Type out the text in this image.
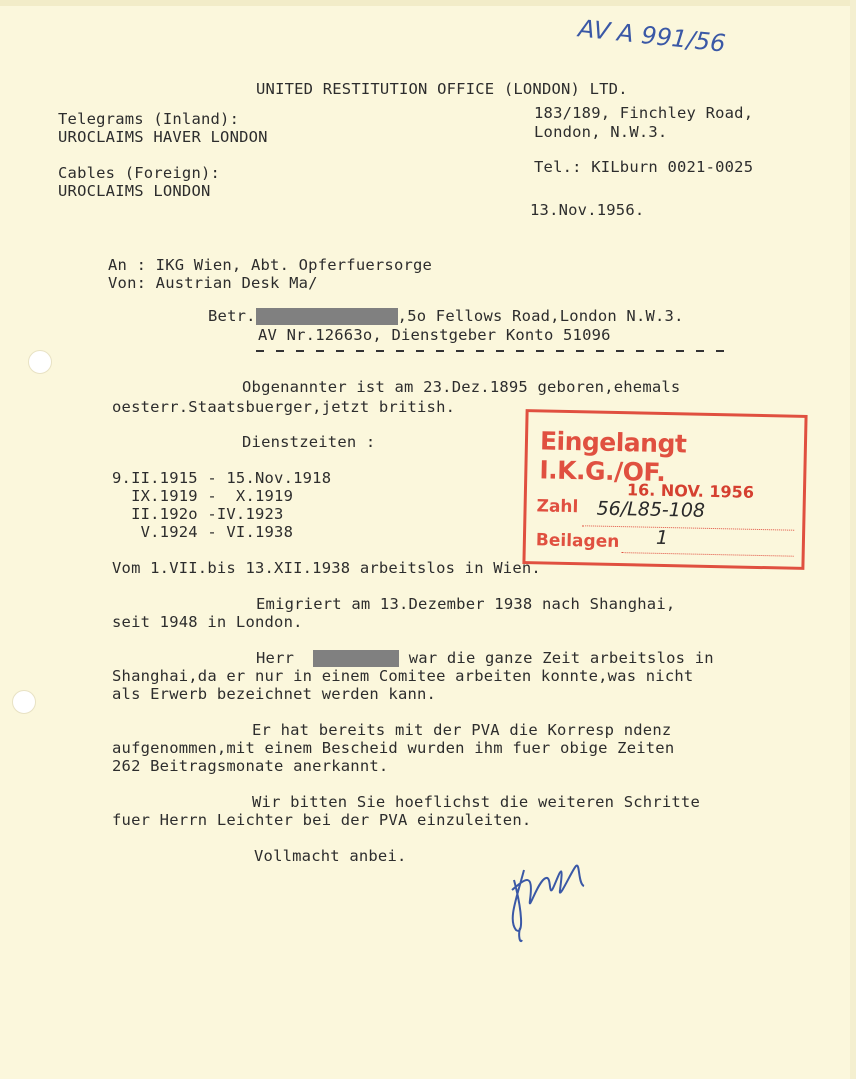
AV A 991/56
UNITED RESTITUTION OFFICE (LONDON) LTD.
Telegrams (Inland):
UROCLAIMS HAVER LONDON
Cables (Foreign):
UROCLAIMS LONDON
183/189, Finchley Road,
London, N.W.3.
Tel.: KILburn 0021-0025
13.Nov.1956.
An : IKG Wien, Abt. Opferfuersorge
Von: Austrian Desk Ma/
Betr.	,5o Fellows Road,London N.W.3.
AV Nr.12663o, Dienstgeber Konto 51096
Obgenannter ist am 23.Dez.1895 geboren,ehemals
oesterr.Staatsbuerger,jetzt british.
Dienstzeiten :
9.II.1915 - 15.Nov.1918
IX.1919 -  X.1919
II.192o -IV.1923
V.1924 - VI.1938
Vom 1.VII.bis 13.XII.1938 arbeitslos in Wien.
Emigriert am 13.Dezember 1938 nach Shanghai,
seit 1948 in London.
Herr	war die ganze Zeit arbeitslos in
Shanghai,da er nur in einem Comitee arbeiten konnte,was nicht
als Erwerb bezeichnet werden kann.
Er hat bereits mit der PVA die Korresp ndenz
aufgenommen,mit einem Bescheid wurden ihm fuer obige Zeiten
262 Beitragsmonate anerkannt.
Wir bitten Sie hoeflichst die weiteren Schritte
fuer Herrn Leichter bei der PVA einzuleiten.
Vollmacht anbei.
Eingelangt I.K.G./OF.
16. NOV. 1956
Zahl 56/L85-108
Beilagen 1
